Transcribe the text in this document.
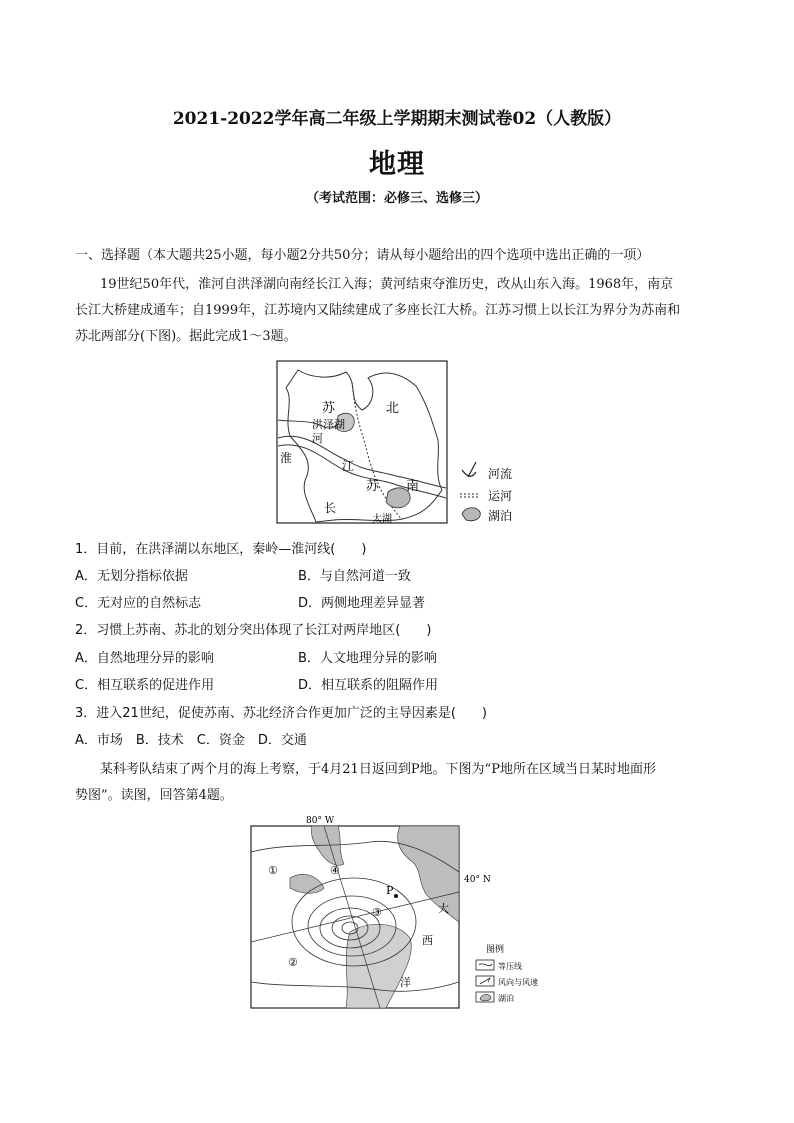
2021-2022学年高二年级上学期期末测试卷02（人教版）
地理
（考试范围：必修三、选修三）
一、选择题（本大题共25小题，每小题2分共50分；请从每小题给出的四个选项中选出正确的一项）
19世纪50年代，淮河自洪泽湖向南经长江入海；黄河结束夺淮历史，改从山东入海。1968年，南京
长江大桥建成通车；自1999年，江苏境内又陆续建成了多座长江大桥。江苏习惯上以长江为界分为苏南和
苏北两部分(下图)。据此完成1～3题。
苏	北
洪泽湖
河
淮
江
苏 南
长
太湖
河流
运河
湖泊
1．目前，在洪泽湖以东地区，秦岭—淮河线(　　)
A．无划分指标依据	B．与自然河道一致
C．无对应的自然标志	D．两侧地理差异显著
2．习惯上苏南、苏北的划分突出体现了长江对两岸地区(　　)
A．自然地理分异的影响	B．人文地理分异的影响
C．相互联系的促进作用	D．相互联系的阻隔作用
3．进入21世纪，促使苏南、苏北经济合作更加广泛的主导因素是(　　)
A．市场　B．技术　C．资金　D．交通
某科考队结束了两个月的海上考察，于4月21日返回到P地。下图为“P地所在区域当日某时地面形
势图”。读图，回答第4题。
80° W
40° N
①
②
③
④
P
大
西
洋
图例
等压线
风向与风速
湖泊
